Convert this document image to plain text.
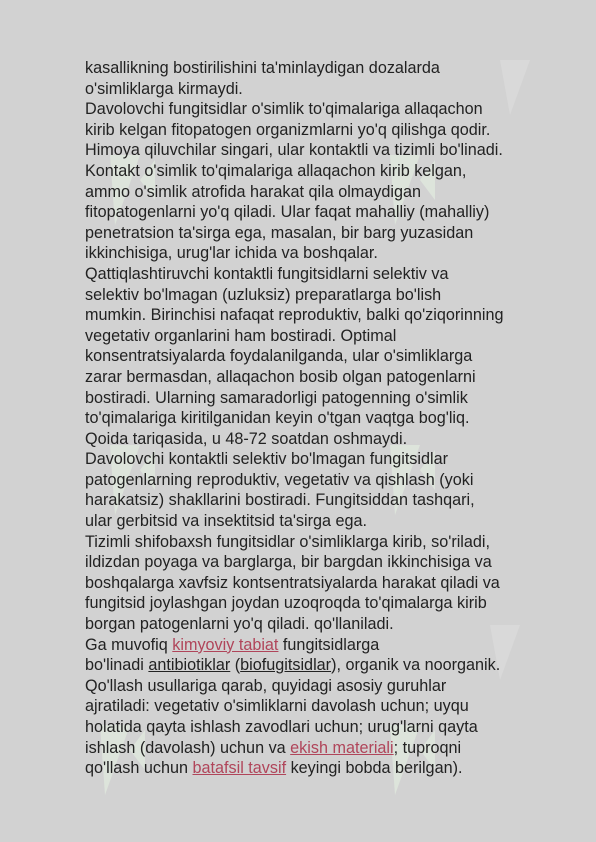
kasallikning bostirilishini ta'minlaydigan dozalarda
o'simliklarga kirmaydi.
Davolovchi fungitsidlar o'simlik to'qimalariga allaqachon
kirib kelgan fitopatogen organizmlarni yo'q qilishga qodir.
Himoya qiluvchilar singari, ular kontaktli va tizimli bo'linadi.
Kontakt o'simlik to'qimalariga allaqachon kirib kelgan,
ammo o'simlik atrofida harakat qila olmaydigan
fitopatogenlarni yo'q qiladi. Ular faqat mahalliy (mahalliy)
penetratsion ta'sirga ega, masalan, bir barg yuzasidan
ikkinchisiga, urug'lar ichida va boshqalar.
Qattiqlashtiruvchi kontaktli fungitsidlarni selektiv va
selektiv bo'lmagan (uzluksiz) preparatlarga bo'lish
mumkin. Birinchisi nafaqat reproduktiv, balki qo'ziqorinning
vegetativ organlarini ham bostiradi. Optimal
konsentratsiyalarda foydalanilganda, ular o'simliklarga
zarar bermasdan, allaqachon bosib olgan patogenlarni
bostiradi. Ularning samaradorligi patogenning o'simlik
to'qimalariga kiritilganidan keyin o'tgan vaqtga bog'liq.
Qoida tariqasida, u 48-72 soatdan oshmaydi.
Davolovchi kontaktli selektiv bo'lmagan fungitsidlar
patogenlarning reproduktiv, vegetativ va qishlash (yoki
harakatsiz) shakllarini bostiradi. Fungitsiddan tashqari,
ular gerbitsid va insektitsid ta'sirga ega.
Tizimli shifobaxsh fungitsidlar o'simliklarga kirib, so'riladi,
ildizdan poyaga va barglarga, bir bargdan ikkinchisiga va
boshqalarga xavfsiz kontsentratsiyalarda harakat qiladi va
fungitsid joylashgan joydan uzoqroqda to'qimalarga kirib
borgan patogenlarni yo'q qiladi. qo'llaniladi.
Ga muvofiq kimyoviy tabiat fungitsidlarga
bo'linadi antibiotiklar (biofugitsidlar), organik va noorganik.
Qo'llash usullariga qarab, quyidagi asosiy guruhlar
ajratiladi: vegetativ o'simliklarni davolash uchun; uyqu
holatida qayta ishlash zavodlari uchun; urug'larni qayta
ishlash (davolash) uchun va ekish materiali; tuproqni
qo'llash uchun batafsil tavsif keyingi bobda berilgan).
